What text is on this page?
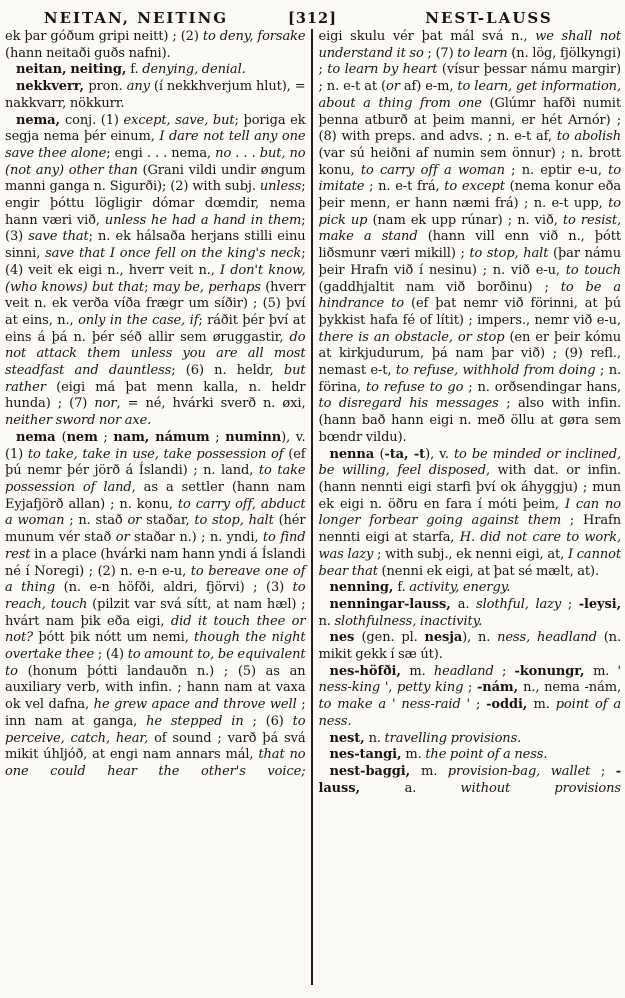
NEITAN, NEITING	[312]	NEST-LAUSS

ek þar góðum gripi neitt) ; (2) to deny, forsake (hann neitaði guðs nafni).

neitan, neiting, f. denying, denial.

nekkverr, pron. any (í nekkhverjum hlut), = nakkvarr, nökkurr.

nema, conj. (1) except, save, but; þoriga ek segja nema þér einum, I dare not tell any one save thee alone; engi . . . nema, no . . . but, no (not any) other than (Grani vildi undir øngum manni ganga n. Sigurði); (2) with subj. unless; engir þóttu lögligir dómar dœmdir, nema hann væri við, unless he had a hand in them; (3) save that; n. ek hálsaða herjans stilli einu sinni, save that I once fell on the king's neck; (4) veit ek eigi n., hverr veit n., I don't know, (who knows) but that; may be, perhaps (hverr veit n. ek verða víða frægr um síðir) ; (5) því at eins, n., only in the case, if; ráðit þér því at eins á þá n. þér séð allir sem øruggastir, do not attack them unless you are all most steadfast and dauntless; (6) n. heldr, but rather (eigi má þat menn kalla, n. heldr hunda) ; (7) nor, = né, hvárki sverð n. øxi, neither sword nor axe.

nema (nem ; nam, námum ; numinn), v. (1) to take, take in use, take possession of (ef þú nemr þér jörð á Íslandi) ; n. land, to take possession of land, as a settler (hann nam Eyjafjörð allan) ; n. konu, to carry off, abduct a woman ; n. stað or staðar, to stop, halt (hér munum vér stað or staðar n.) ; n. yndi, to find rest in a place (hvárki nam hann yndi á Íslandi né í Noregi) ; (2) n. e-n e-u, to bereave one of a thing (n. e-n höfði, aldri, fjörvi) ; (3) to reach, touch (pilzit var svá sítt, at nam hæl) ; hvárt nam þik eða eigi, did it touch thee or not? þótt þik nótt um nemi, though the night overtake thee ; (4) to amount to, be equivalent to (honum þótti landauðn n.) ; (5) as an auxiliary verb, with infin. ; hann nam at vaxa ok vel dafna, he grew apace and throve well ; inn nam at ganga, he stepped in ; (6) to perceive, catch, hear, of sound ; varð þá svá mikit úhljóð, at engi nam annars mál, that no one could hear the other's voice;

eigi skulu vér þat mál svá n., we shall not understand it so ; (7) to learn (n. lög, fjölkyngi) ; to learn by heart (vísur þessar námu margir) ; n. e-t at (or af) e-m, to learn, get information, about a thing from one (Glúmr hafði numit þenna atburð at þeim manni, er hét Arnór) ; (8) with preps. and advs. ; n. e-t af, to abolish (var sú heiðni af numin sem önnur) ; n. brott konu, to carry off a woman ; n. eptir e-u, to imitate ; n. e-t frá, to except (nema konur eða þeir menn, er hann næmi frá) ; n. e-t upp, to pick up (nam ek upp rúnar) ; n. við, to resist, make a stand (hann vill enn við n., þótt liðsmunr væri mikill) ; to stop, halt (þar námu þeir Hrafn við í nesinu) ; n. við e-u, to touch (gaddhjaltit nam við borðinu) ; to be a hindrance to (ef þat nemr við förinni, at þú þykkist hafa fé of lítit) ; impers., nemr við e-u, there is an obstacle, or stop (en er þeir kómu at kirkjudurum, þá nam þar við) ; (9) refl., nemast e-t, to refuse, withhold from doing ; n. förina, to refuse to go ; n. orðsendingar hans, to disregard his messages ; also with infin. (hann bað hann eigi n. með öllu at gøra sem bœndr vildu).

nenna (-ta, -t), v. to be minded or inclined, be willing, feel disposed, with dat. or infin. (hann nennti eigi starfi því ok áhyggju) ; mun ek eigi n. öðru en fara í móti þeim, I can no longer forbear going against them ; Hrafn nennti eigi at starfa, H. did not care to work, was lazy ; with subj., ek nenni eigi, at, I cannot bear that (nenni ek eigi, at þat sé mælt, at).

nenning, f. activity, energy.

nenningar-lauss, a. slothful, lazy ; -leysi, n. slothfulness, inactivity.

nes (gen. pl. nesja), n. ness, headland (n. mikit gekk í sæ út).

nes-höfði, m. headland ; -konungr, m. ' ness-king ', petty king ; -nám, n., nema -nám, to make a ' ness-raid ' ; -oddi, m. point of a ness.

nest, n. travelling provisions.

nes-tangi, m. the point of a ness.

nest-baggi, m. provision-bag, wallet ; -lauss, a. without provisions
